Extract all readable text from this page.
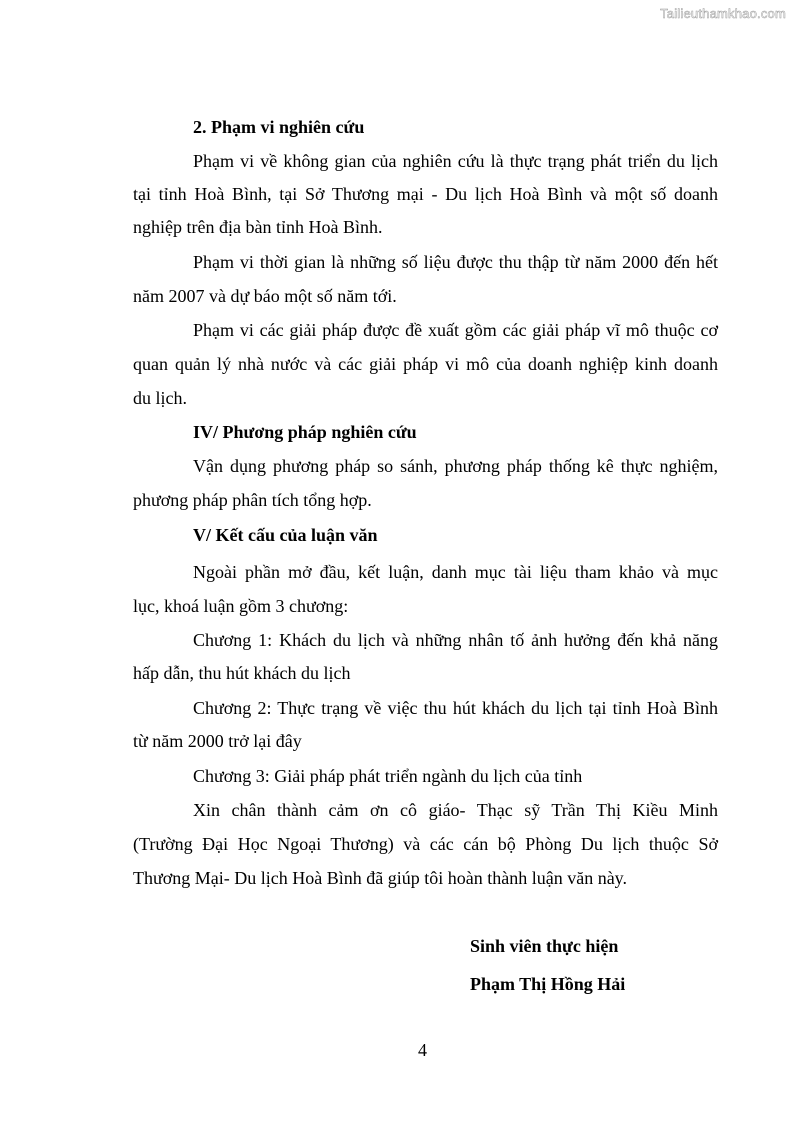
Tailieuthamkhao.com
2. Phạm vi nghiên cứu
Phạm vi về không gian của nghiên cứu là thực trạng phát triển du lịch
tại tỉnh Hoà Bình, tại Sở Thương mại - Du lịch Hoà Bình và một số doanh
nghiệp trên địa bàn tỉnh Hoà Bình.
Phạm vi thời gian là những số liệu được thu thập từ năm 2000 đến hết
năm 2007 và dự báo một số năm tới.
Phạm vi các giải pháp được đề xuất gồm các giải pháp vĩ mô thuộc cơ
quan quản lý nhà nước và các giải pháp vi mô của doanh nghiệp kinh doanh
du lịch.
IV/ Phương pháp nghiên cứu
Vận dụng phương pháp so sánh, phương pháp thống kê thực nghiệm,
phương pháp phân tích tổng hợp.
V/ Kết cấu của luận văn
Ngoài phần mở đầu, kết luận, danh mục tài liệu tham khảo và mục
lục, khoá luận gồm 3 chương:
Chương 1: Khách du lịch và những nhân tố ảnh hưởng đến khả năng
hấp dẫn, thu hút khách du lịch
Chương 2: Thực trạng về việc thu hút khách du lịch tại tỉnh Hoà Bình
từ năm 2000 trở lại đây
Chương 3: Giải pháp phát triển ngành du lịch của tỉnh
Xin chân thành cảm ơn cô giáo- Thạc sỹ Trần Thị Kiều Minh
(Trường Đại Học Ngoại Thương) và các cán bộ Phòng Du lịch thuộc Sở
Thương Mại- Du lịch Hoà Bình đã giúp tôi hoàn thành luận văn này.
Sinh viên thực hiện
Phạm Thị Hồng Hải
4
